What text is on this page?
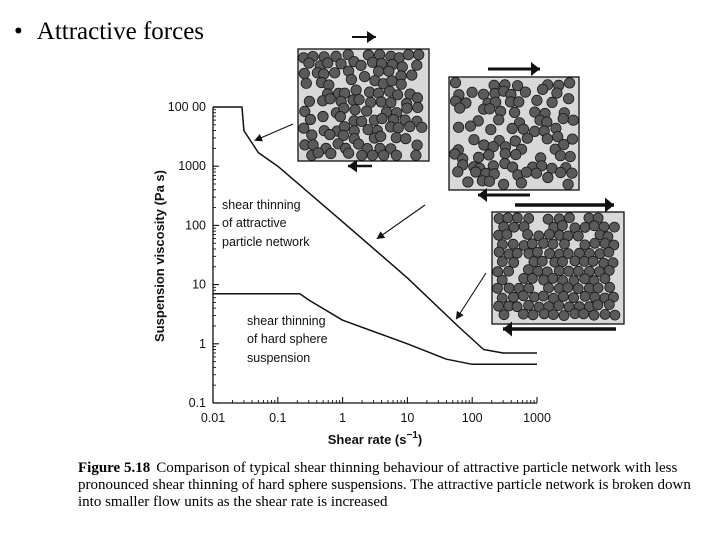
• Attractive forces
0.01	0.1	1	10	100	1000
0.1
1
10
100
1000
100 00
shear thinning
of attractive
particle network
shear thinning
of hard sphere
suspension
Shear rate $(s^{-1})$
Suspension viscosity (Pa s)
Figure 5.18 Comparison of typical shear thinning behaviour of attractive particle network with less pronounced shear thinning of hard sphere suspensions. The attractive particle network is broken down into smaller flow units as the shear rate is increased
